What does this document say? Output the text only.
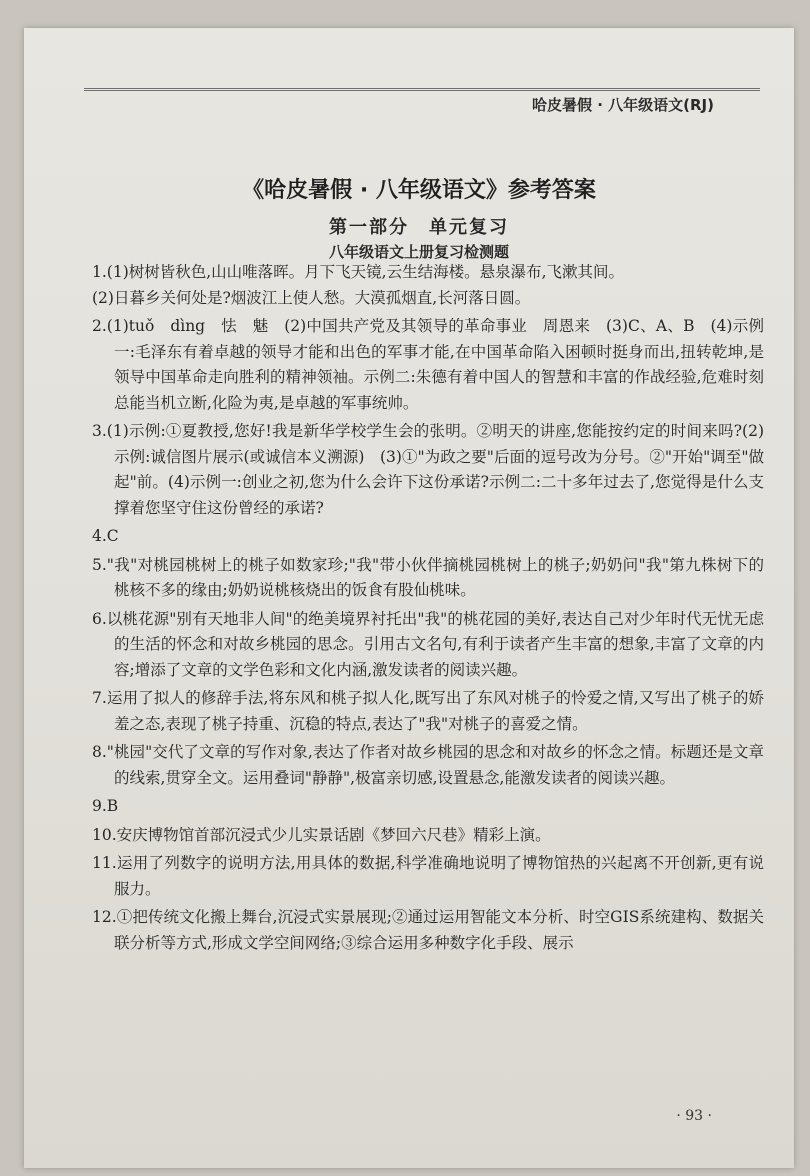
哈皮暑假 · 八年级语文(RJ)
《哈皮暑假 · 八年级语文》参考答案
第一部分　单元复习
八年级语文上册复习检测题

1.(1)树树皆秋色,山山唯落晖。月下飞天镜,云生结海楼。悬泉瀑布,飞漱其间。

(2)日暮乡关何处是?烟波江上使人愁。大漠孤烟直,长河落日圆。

2.(1)tuǒ　dìng　怯　魅　(2)中国共产党及其领导的革命事业　周恩来　(3)C、A、B　(4)示例一:毛泽东有着卓越的领导才能和出色的军事才能,在中国革命陷入困顿时挺身而出,扭转乾坤,是领导中国革命走向胜利的精神领袖。示例二:朱德有着中国人的智慧和丰富的作战经验,危难时刻总能当机立断,化险为夷,是卓越的军事统帅。

3.(1)示例:①夏教授,您好!我是新华学校学生会的张明。②明天的讲座,您能按约定的时间来吗?(2)示例:诚信图片展示(或诚信本义溯源)　(3)①"为政之要"后面的逗号改为分号。②"开始"调至"做起"前。(4)示例一:创业之初,您为什么会许下这份承诺?示例二:二十多年过去了,您觉得是什么支撑着您坚守住这份曾经的承诺?

4.C

5."我"对桃园桃树上的桃子如数家珍;"我"带小伙伴摘桃园桃树上的桃子;奶奶问"我"第九株树下的桃核不多的缘由;奶奶说桃核烧出的饭食有股仙桃味。

6.以桃花源"别有天地非人间"的绝美境界衬托出"我"的桃花园的美好,表达自己对少年时代无忧无虑的生活的怀念和对故乡桃园的思念。引用古文名句,有利于读者产生丰富的想象,丰富了文章的内容;增添了文章的文学色彩和文化内涵,激发读者的阅读兴趣。

7.运用了拟人的修辞手法,将东风和桃子拟人化,既写出了东风对桃子的怜爱之情,又写出了桃子的娇羞之态,表现了桃子持重、沉稳的特点,表达了"我"对桃子的喜爱之情。

8."桃园"交代了文章的写作对象,表达了作者对故乡桃园的思念和对故乡的怀念之情。标题还是文章的线索,贯穿全文。运用叠词"静静",极富亲切感,设置悬念,能激发读者的阅读兴趣。

9.B

10.安庆博物馆首部沉浸式少儿实景话剧《梦回六尺巷》精彩上演。

11.运用了列数字的说明方法,用具体的数据,科学准确地说明了博物馆热的兴起离不开创新,更有说服力。

12.①把传统文化搬上舞台,沉浸式实景展现;②通过运用智能文本分析、时空GIS系统建构、数据关联分析等方式,形成文学空间网络;③综合运用多种数字化手段、展示

· 93 ·
